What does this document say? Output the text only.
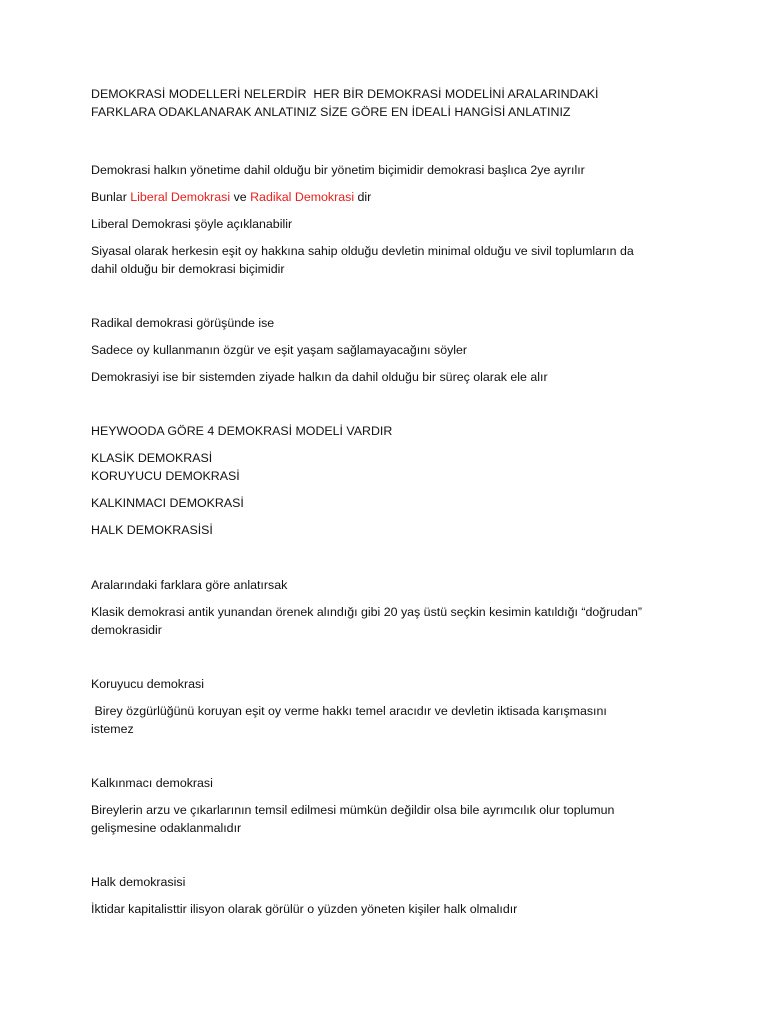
DEMOKRASİ MODELLERİ NELERDİR  HER BİR DEMOKRASİ MODELİNİ ARALARINDAKİ

FARKLARA ODAKLANARAK ANLATINIZ SİZE GÖRE EN İDEALİ HANGİSİ ANLATINIZ

Demokrasi halkın yönetime dahil olduğu bir yönetim biçimidir demokrasi başlıca 2ye ayrılır

Bunlar Liberal Demokrasi ve Radikal Demokrasi dir

Liberal Demokrasi şöyle açıklanabilir

Siyasal olarak herkesin eşit oy hakkına sahip olduğu devletin minimal olduğu ve sivil toplumların da

dahil olduğu bir demokrasi biçimidir

Radikal demokrasi görüşünde ise

Sadece oy kullanmanın özgür ve eşit yaşam sağlamayacağını söyler

Demokrasiyi ise bir sistemden ziyade halkın da dahil olduğu bir süreç olarak ele alır

HEYWOODA GÖRE 4 DEMOKRASİ MODELİ VARDIR

KLASİK DEMOKRASİ

KORUYUCU DEMOKRASİ

KALKINMACI DEMOKRASİ

HALK DEMOKRASİSİ

Aralarındaki farklara göre anlatırsak

Klasik demokrasi antik yunandan örenek alındığı gibi 20 yaş üstü seçkin kesimin katıldığı “doğrudan”

demokrasidir

Koruyucu demokrasi

Birey özgürlüğünü koruyan eşit oy verme hakkı temel aracıdır ve devletin iktisada karışmasını

istemez

Kalkınmacı demokrasi

Bireylerin arzu ve çıkarlarının temsil edilmesi mümkün değildir olsa bile ayrımcılık olur toplumun

gelişmesine odaklanmalıdır

Halk demokrasisi

İktidar kapitalisttir ilisyon olarak görülür o yüzden yöneten kişiler halk olmalıdır
